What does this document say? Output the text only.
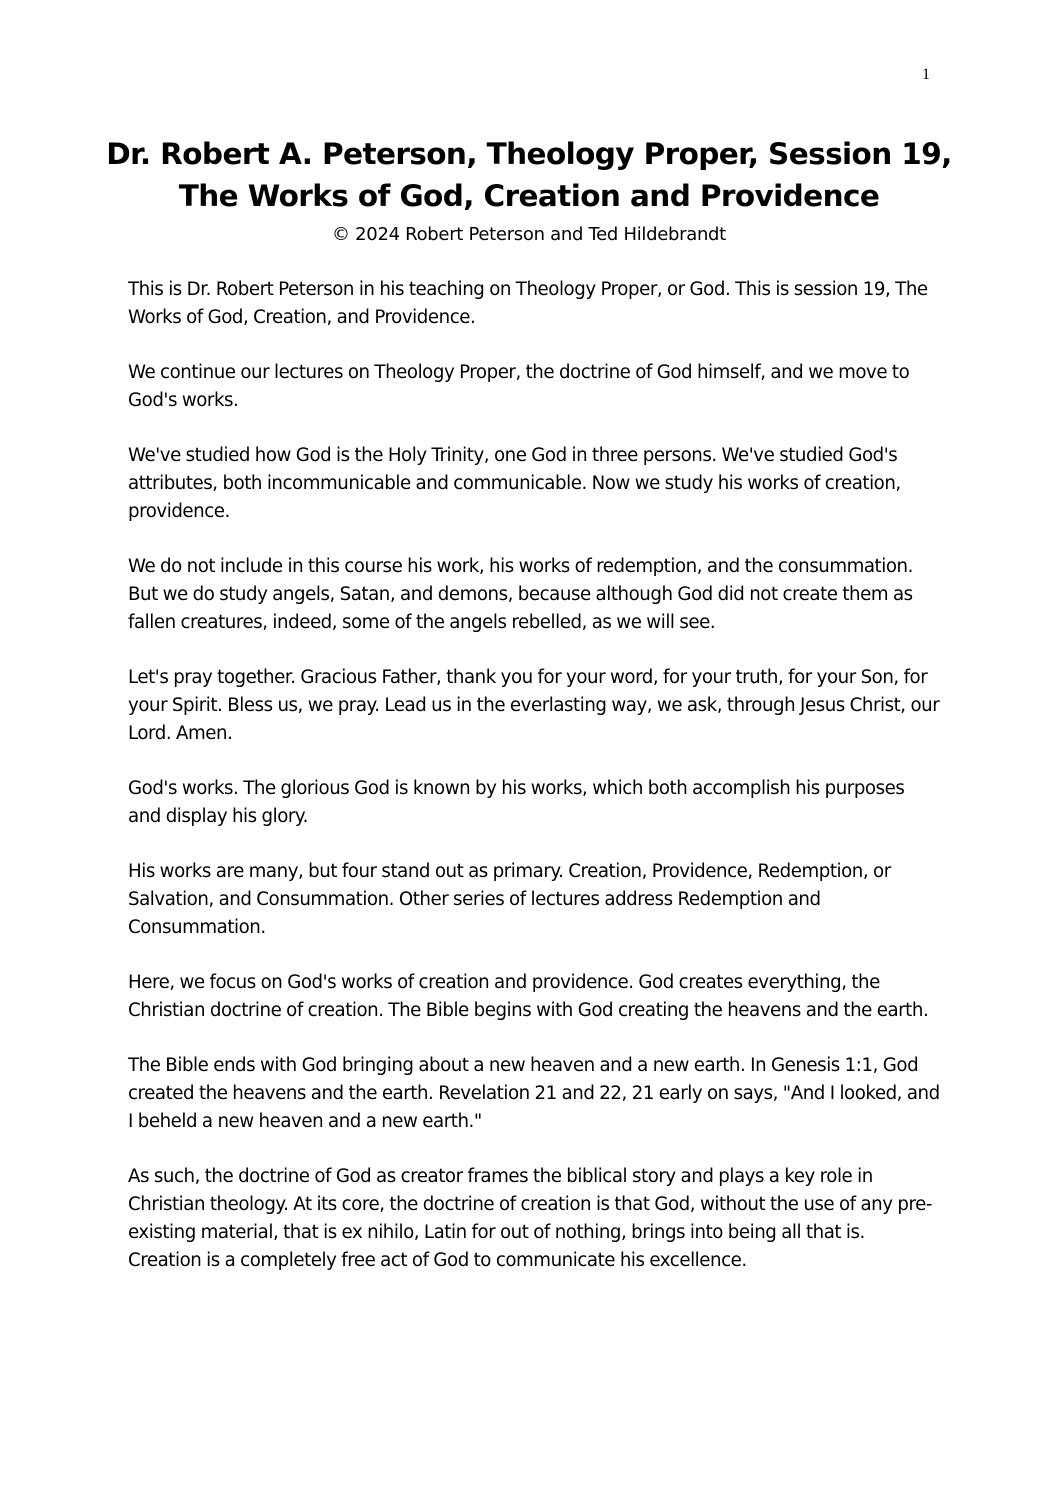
1
Dr. Robert A. Peterson, Theology Proper, Session 19, The Works of God, Creation and Providence
© 2024 Robert Peterson and Ted Hildebrandt

This is Dr. Robert Peterson in his teaching on Theology Proper, or God. This is session 19, The Works of God, Creation, and Providence.

We continue our lectures on Theology Proper, the doctrine of God himself, and we move to God's works.

We've studied how God is the Holy Trinity, one God in three persons. We've studied God's attributes, both incommunicable and communicable. Now we study his works of creation, providence.

We do not include in this course his work, his works of redemption, and the consummation. But we do study angels, Satan, and demons, because although God did not create them as fallen creatures, indeed, some of the angels rebelled, as we will see.

Let's pray together. Gracious Father, thank you for your word, for your truth, for your Son, for your Spirit. Bless us, we pray. Lead us in the everlasting way, we ask, through Jesus Christ, our Lord. Amen.

God's works. The glorious God is known by his works, which both accomplish his purposes and display his glory.

His works are many, but four stand out as primary. Creation, Providence, Redemption, or Salvation, and Consummation. Other series of lectures address Redemption and Consummation.

Here, we focus on God's works of creation and providence. God creates everything, the Christian doctrine of creation. The Bible begins with God creating the heavens and the earth.

The Bible ends with God bringing about a new heaven and a new earth. In Genesis 1:1, God created the heavens and the earth. Revelation 21 and 22, 21 early on says, "And I looked, and I beheld a new heaven and a new earth."

As such, the doctrine of God as creator frames the biblical story and plays a key role in Christian theology. At its core, the doctrine of creation is that God, without the use of any pre-existing material, that is ex nihilo, Latin for out of nothing, brings into being all that is. Creation is a completely free act of God to communicate his excellence.
